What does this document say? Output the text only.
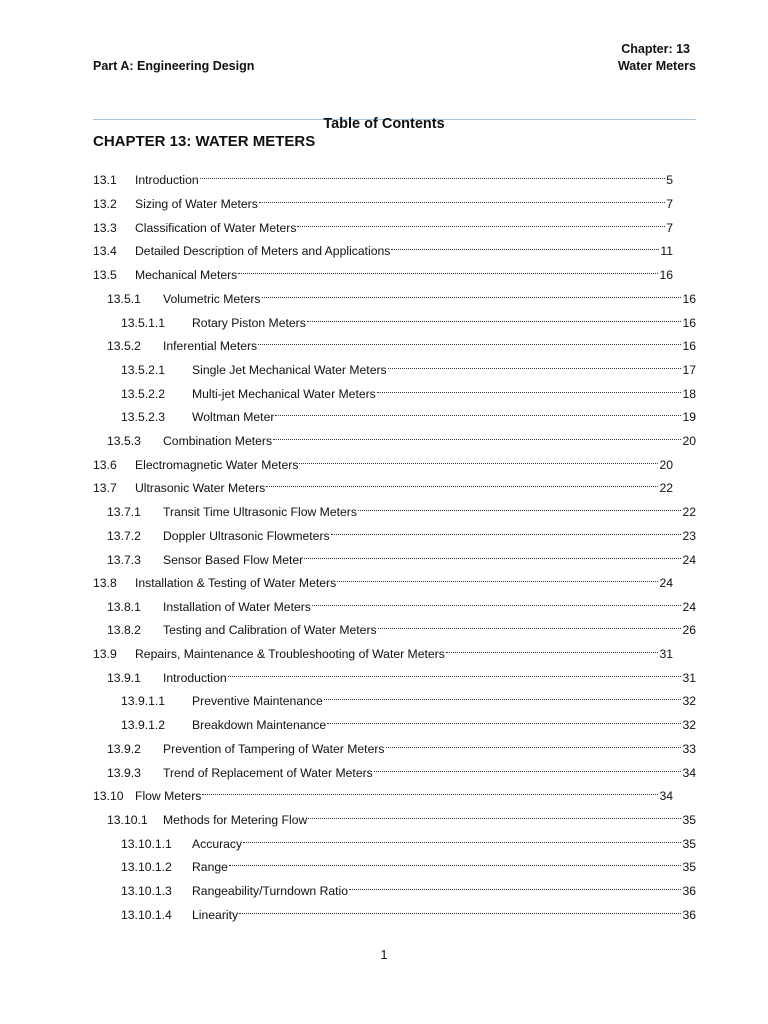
Chapter: 13
Part A: Engineering Design	Water Meters
Table of Contents
CHAPTER 13: WATER METERS
13.1	Introduction	5
13.2	Sizing of Water Meters	7
13.3	Classification of Water Meters	7
13.4	Detailed Description of Meters and Applications	11
13.5	Mechanical Meters	16
13.5.1	Volumetric Meters	16
13.5.1.1	Rotary Piston Meters	16
13.5.2	Inferential Meters	16
13.5.2.1	Single Jet Mechanical Water Meters	17
13.5.2.2	Multi-jet Mechanical Water Meters	18
13.5.2.3	Woltman Meter	19
13.5.3	Combination Meters	20
13.6	Electromagnetic Water Meters	20
13.7	Ultrasonic Water Meters	22
13.7.1	Transit Time Ultrasonic Flow Meters	22
13.7.2	Doppler Ultrasonic Flowmeters	23
13.7.3	Sensor Based Flow Meter	24
13.8	Installation & Testing of Water Meters	24
13.8.1	Installation of Water Meters	24
13.8.2	Testing and Calibration of Water Meters	26
13.9	Repairs, Maintenance & Troubleshooting of Water Meters	31
13.9.1	Introduction	31
13.9.1.1	Preventive Maintenance	32
13.9.1.2	Breakdown Maintenance	32
13.9.2	Prevention of Tampering of Water Meters	33
13.9.3	Trend of Replacement of Water Meters	34
13.10 Flow Meters	34
13.10.1	Methods for Metering Flow	35
13.10.1.1	Accuracy	35
13.10.1.2	Range	35
13.10.1.3	Rangeability/Turndown Ratio	36
13.10.1.4	Linearity	36
1
